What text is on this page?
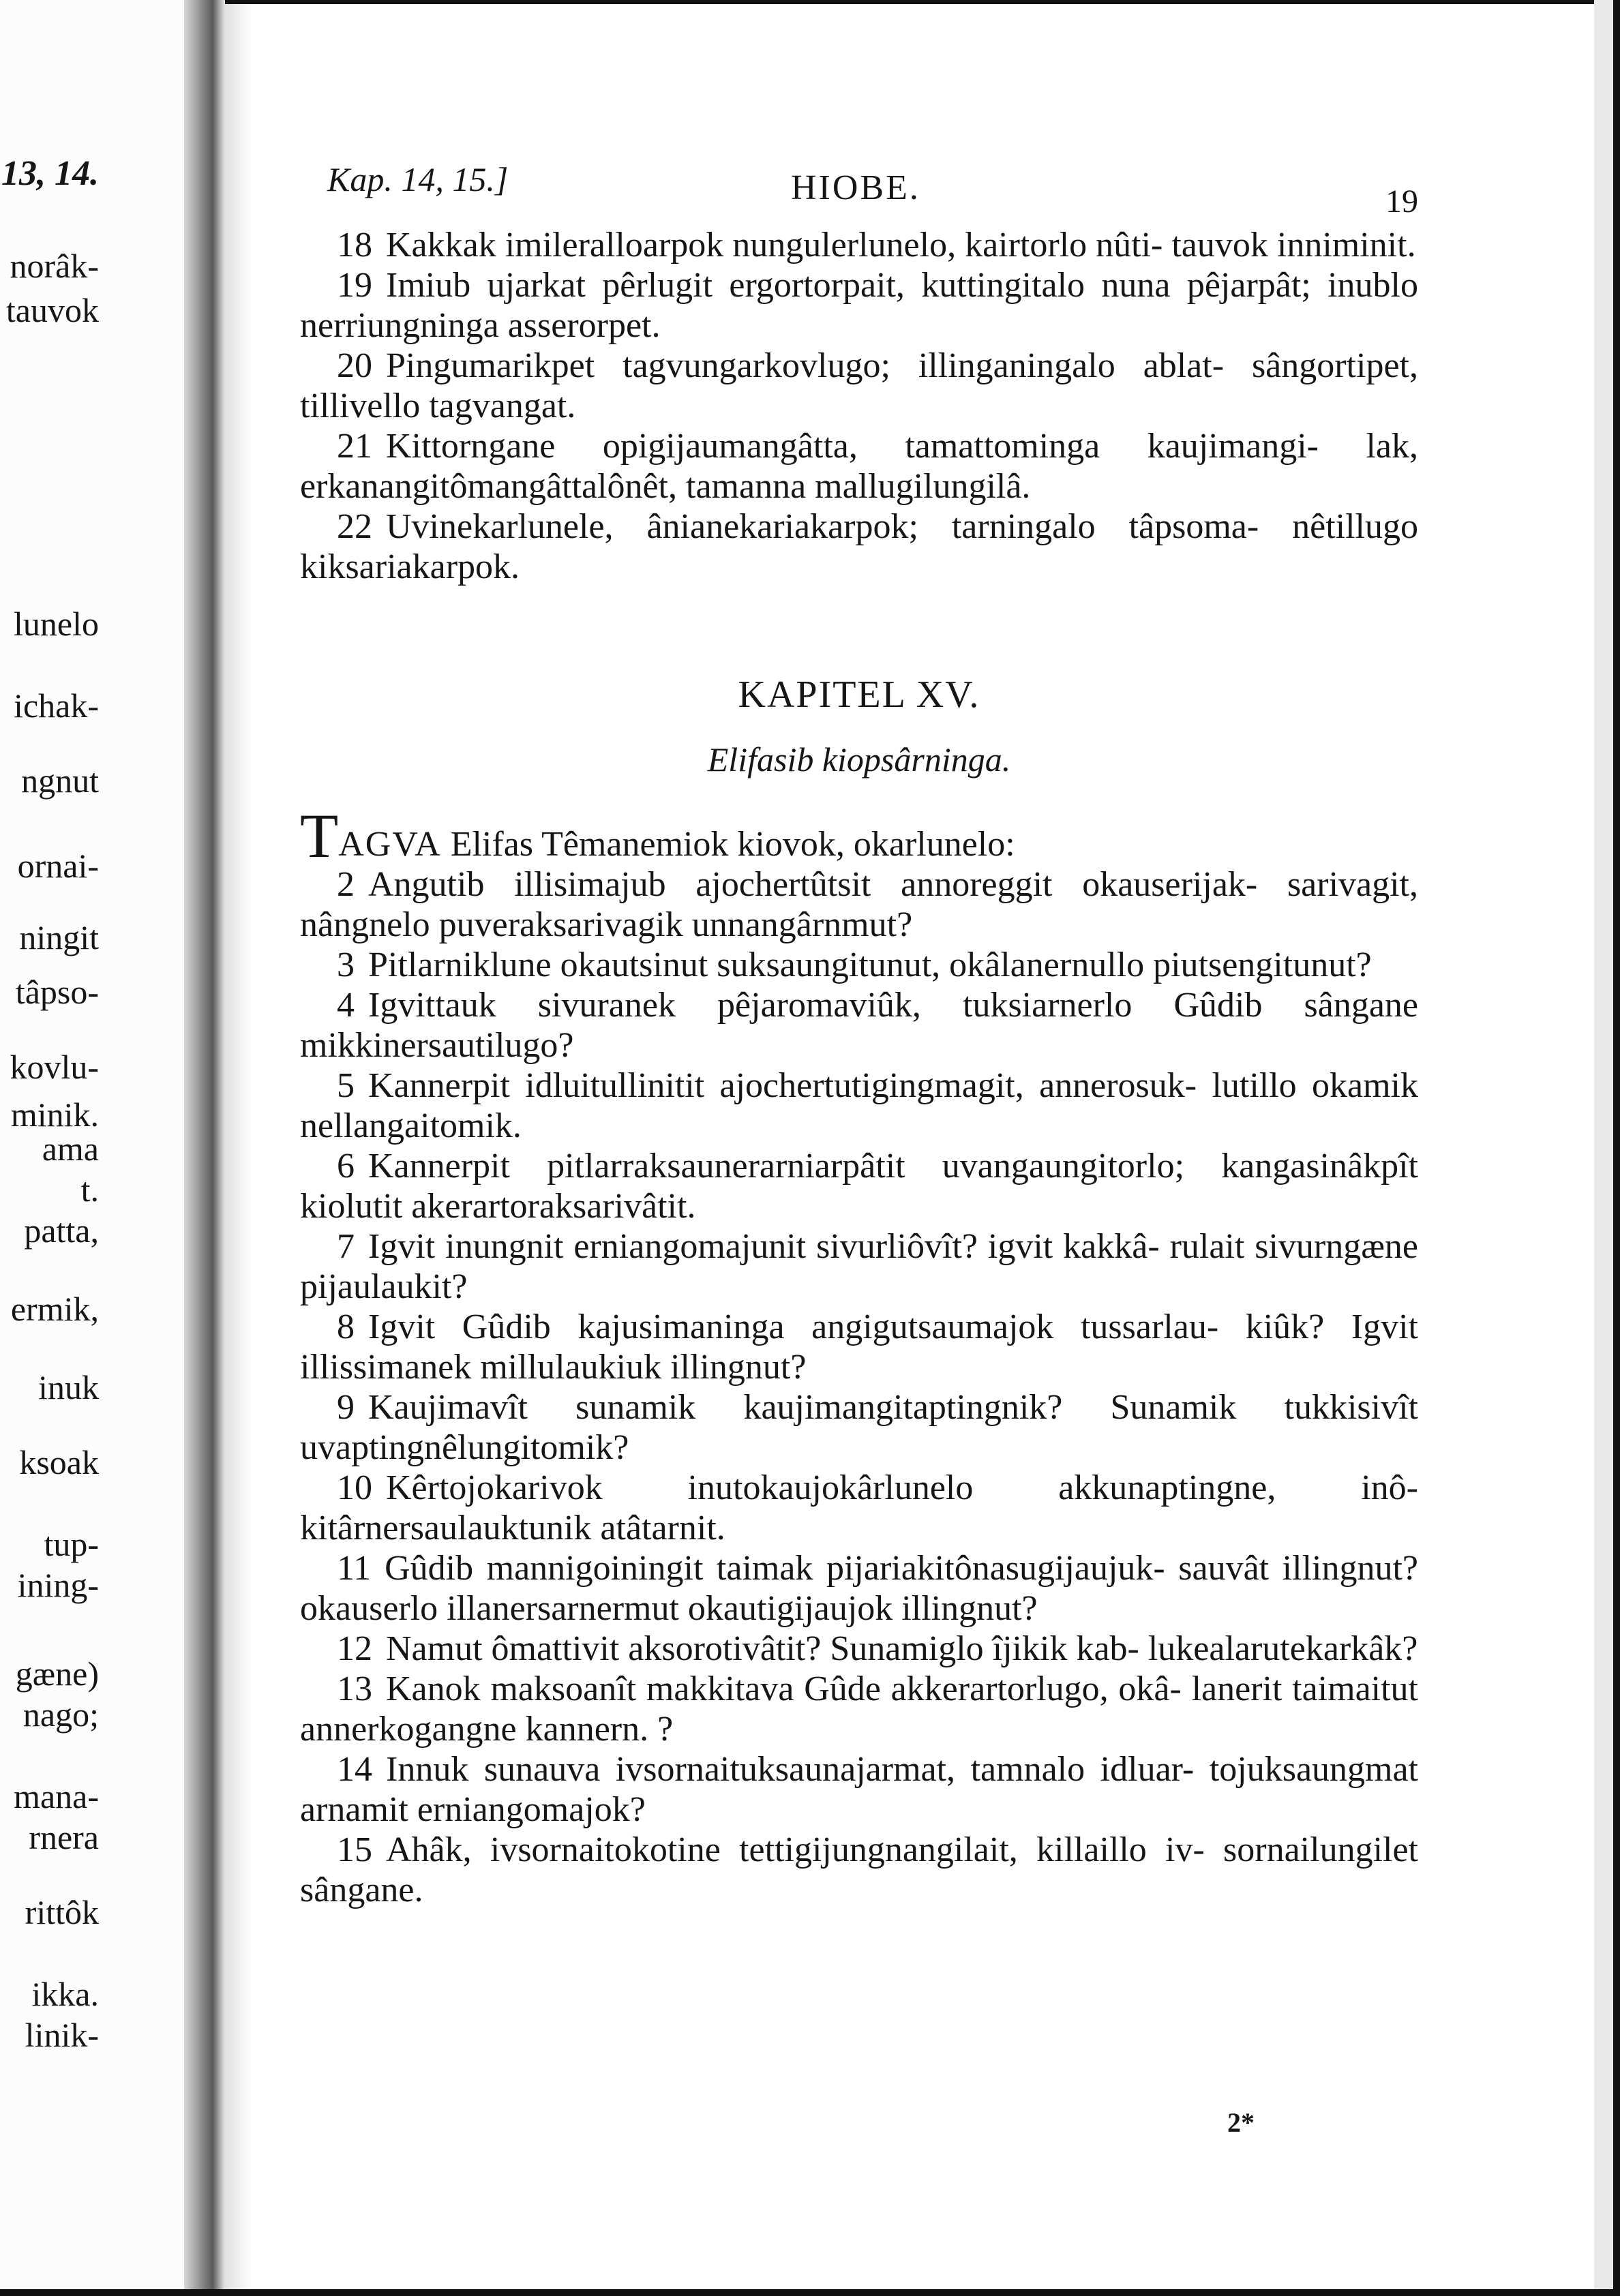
13, 14.
norâk-
tauvok
lunelo
ichak-
ngnut
ornai-
ningit
tâpso-
kovlu-
minik.
ama
t.
patta,
ermik,
inuk
ksoak
tup-
ining-
gæne)
nago;
mana-
rnera
rittôk
ikka.
linik-
Kap. 14, 15.]	HIOBE.	19

18 Kakkak imileralloarpok nungulerlunelo, kairtorlo nûti- tauvok inniminit.

19 Imiub ujarkat pêrlugit ergortorpait, kuttingitalo nuna pêjarpât; inublo nerriungninga asserorpet.

20 Pingumarikpet tagvungarkovlugo; illinganingalo ablat- sângortipet, tillivello tagvangat.

21 Kittorngane opigijaumangâtta, tamattominga kaujimangi- lak, erkanangitômangâttalônêt, tamanna mallugilungilâ.

22 Uvinekarlunele, ânianekariakarpok; tarningalo tâpsoma- nêtillugo kiksariakarpok.

KAPITEL XV.
Elifasib kiopsârninga.

TAGVA Elifas Têmanemiok kiovok, okarlunelo:

2 Angutib illisimajub ajochertûtsit annoreggit okauserijak- sarivagit, nângnelo puveraksarivagik unnangârnmut?

3 Pitlarniklune okautsinut suksaungitunut, okâlanernullo piutsengitunut?

4 Igvittauk sivuranek pêjaromaviûk, tuksiarnerlo Gûdib sângane mikkinersautilugo?

5 Kannerpit idluitullinitit ajochertutigingmagit, annerosuk- lutillo okamik nellangaitomik.

6 Kannerpit pitlarraksaunerarniarpâtit uvangaungitorlo; kangasinâkpît kiolutit akerartoraksarivâtit.

7 Igvit inungnit erniangomajunit sivurliôvît? igvit kakkâ- rulait sivurngæne pijaulaukit?

8 Igvit Gûdib kajusimaninga angigutsaumajok tussarlau- kiûk? Igvit illissimanek millulaukiuk illingnut?

9 Kaujimavît sunamik kaujimangitaptingnik? Sunamik tukkisivît uvaptingnêlungitomik?

10 Kêrtojokarivok inutokaujokârlunelo akkunaptingne, inô- kitârnersaulauktunik atâtarnit.

11 Gûdib mannigoiningit taimak pijariakitônasugijaujuk- sauvât illingnut? okauserlo illanersarnermut okautigijaujok illingnut?

12 Namut ômattivit aksorotivâtit? Sunamiglo îjikik kab- lukealarutekarkâk?

13 Kanok maksoanît makkitava Gûde akkerartorlugo, okâ- lanerit taimaitut annerkogangne kannern. ?

14 Innuk sunauva ivsornaituksaunajarmat, tamnalo idluar- tojuksaungmat arnamit erniangomajok?

15 Ahâk, ivsornaitokotine tettigijungnangilait, killaillo iv- sornailungilet sângane.

2*
